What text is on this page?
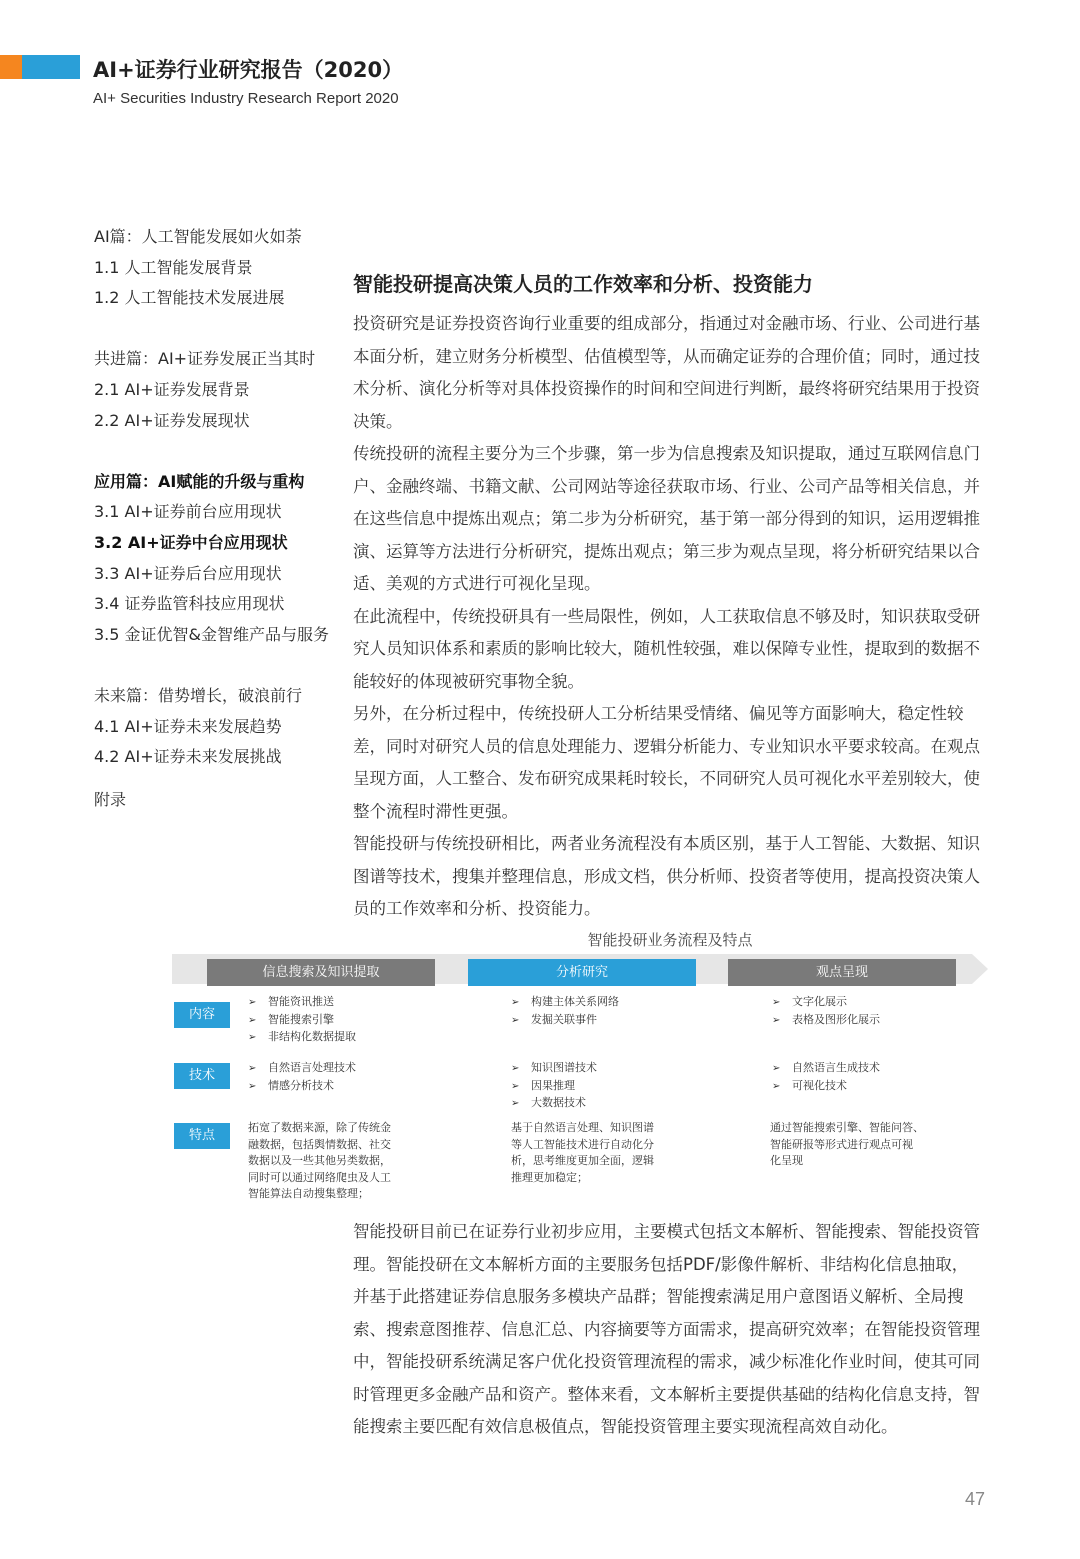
AI+证券行业研究报告（2020）
AI+ Securities Industry Research Report 2020
AI篇：人工智能发展如火如荼
1.1 人工智能发展背景
1.2 人工智能技术发展进展
共进篇：AI+证券发展正当其时
2.1 AI+证券发展背景
2.2 AI+证券发展现状
应用篇：AI赋能的升级与重构
3.1 AI+证券前台应用现状
3.2 AI+证券中台应用现状
3.3 AI+证券后台应用现状
3.4 证券监管科技应用现状
3.5 金证优智&金智维产品与服务
未来篇：借势增长，破浪前行
4.1 AI+证券未来发展趋势
4.2 AI+证券未来发展挑战
附录
智能投研提高决策人员的工作效率和分析、投资能力

投资研究是证券投资咨询行业重要的组成部分，指通过对金融市场、行业、公司进行基本面分析，建立财务分析模型、估值模型等，从而确定证券的合理价值；同时，通过技术分析、演化分析等对具体投资操作的时间和空间进行判断，最终将研究结果用于投资决策。

传统投研的流程主要分为三个步骤，第一步为信息搜索及知识提取，通过互联网信息门户、金融终端、书籍文献、公司网站等途径获取市场、行业、公司产品等相关信息，并在这些信息中提炼出观点；第二步为分析研究，基于第一部分得到的知识，运用逻辑推演、运算等方法进行分析研究，提炼出观点；第三步为观点呈现，将分析研究结果以合适、美观的方式进行可视化呈现。

在此流程中，传统投研具有一些局限性，例如，人工获取信息不够及时，知识获取受研究人员知识体系和素质的影响比较大，随机性较强，难以保障专业性，提取到的数据不能较好的体现被研究事物全貌。

另外，在分析过程中，传统投研人工分析结果受情绪、偏见等方面影响大，稳定性较差，同时对研究人员的信息处理能力、逻辑分析能力、专业知识水平要求较高。在观点呈现方面，人工整合、发布研究成果耗时较长，不同研究人员可视化水平差别较大，使整个流程时滞性更强。

智能投研与传统投研相比，两者业务流程没有本质区别，基于人工智能、大数据、知识图谱等技术，搜集并整理信息，形成文档，供分析师、投资者等使用，提高投资决策人员的工作效率和分析、投资能力。

智能投研业务流程及特点
信息搜索及知识提取	分析研究	观点呈现
内容
技术
特点
➢ 智能资讯推送
➢ 智能搜索引擎
➢ 非结构化数据提取
➢ 构建主体关系网络
➢ 发掘关联事件
➢ 文字化展示
➢ 表格及图形化展示
➢ 自然语言处理技术
➢ 情感分析技术
➢ 知识图谱技术
➢ 因果推理
➢ 大数据技术
➢ 自然语言生成技术
➢ 可视化技术
拓宽了数据来源，除了传统金
融数据，包括舆情数据、社交
数据以及一些其他另类数据，
同时可以通过网络爬虫及人工
智能算法自动搜集整理；
基于自然语言处理、知识图谱
等人工智能技术进行自动化分
析，思考维度更加全面，逻辑
推理更加稳定；
通过智能搜索引擎、智能问答、
智能研报等形式进行观点可视
化呈现

智能投研目前已在证券行业初步应用，主要模式包括文本解析、智能搜索、智能投资管理。智能投研在文本解析方面的主要服务包括PDF/影像件解析、非结构化信息抽取，并基于此搭建证券信息服务多模块产品群；智能搜索满足用户意图语义解析、全局搜索、搜索意图推荐、信息汇总、内容摘要等方面需求，提高研究效率；在智能投资管理中，智能投研系统满足客户优化投资管理流程的需求，减少标准化作业时间，使其可同时管理更多金融产品和资产。整体来看，文本解析主要提供基础的结构化信息支持，智能搜索主要匹配有效信息极值点，智能投资管理主要实现流程高效自动化。

47
